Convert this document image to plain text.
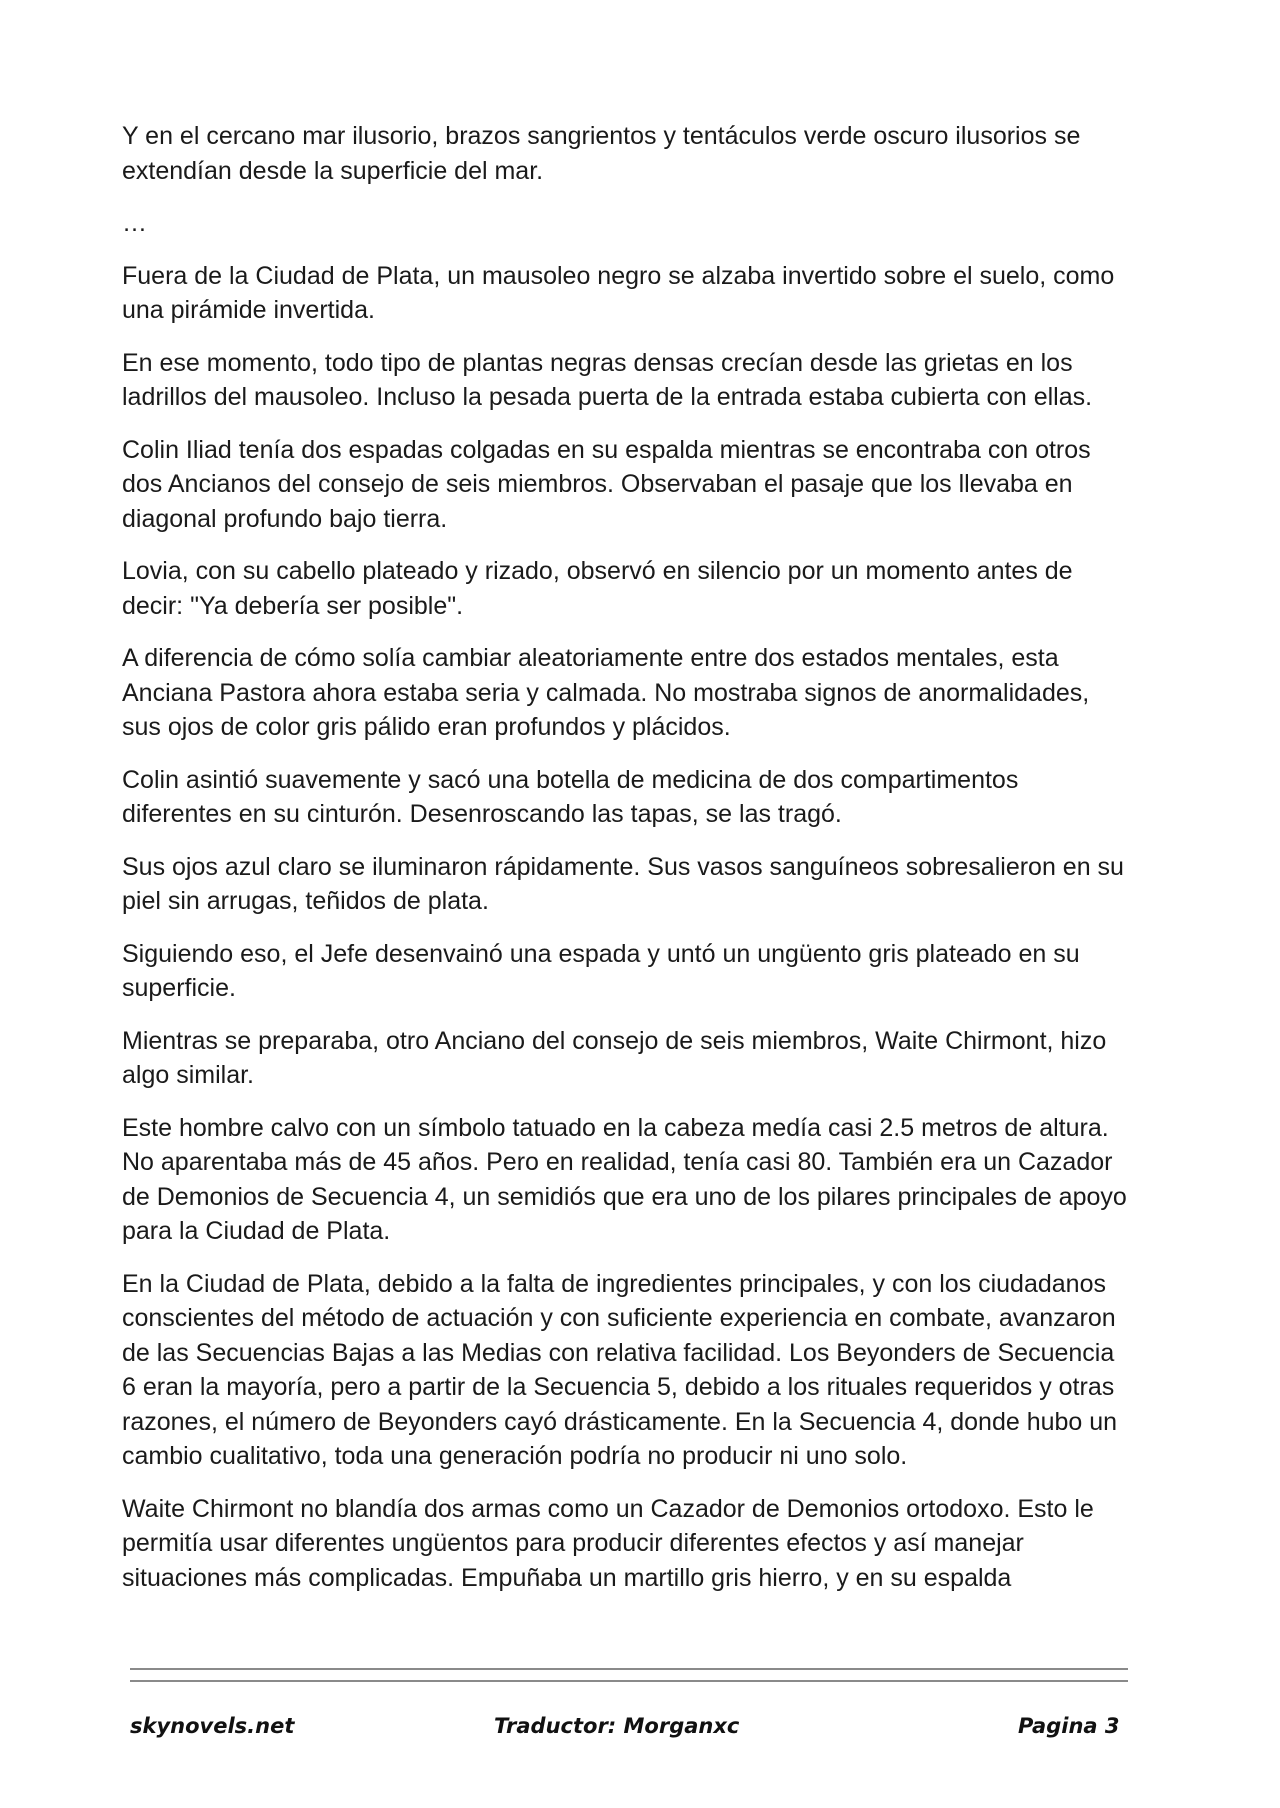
Y en el cercano mar ilusorio, brazos sangrientos y tentáculos verde oscuro ilusorios se extendían desde la superficie del mar.

…

Fuera de la Ciudad de Plata, un mausoleo negro se alzaba invertido sobre el suelo, como una pirámide invertida.

En ese momento, todo tipo de plantas negras densas crecían desde las grietas en los ladrillos del mausoleo. Incluso la pesada puerta de la entrada estaba cubierta con ellas.

Colin Iliad tenía dos espadas colgadas en su espalda mientras se encontraba con otros dos Ancianos del consejo de seis miembros. Observaban el pasaje que los llevaba en diagonal profundo bajo tierra.

Lovia, con su cabello plateado y rizado, observó en silencio por un momento antes de decir: "Ya debería ser posible".

A diferencia de cómo solía cambiar aleatoriamente entre dos estados mentales, esta Anciana Pastora ahora estaba seria y calmada. No mostraba signos de anormalidades, sus ojos de color gris pálido eran profundos y plácidos.

Colin asintió suavemente y sacó una botella de medicina de dos compartimentos diferentes en su cinturón. Desenroscando las tapas, se las tragó.

Sus ojos azul claro se iluminaron rápidamente. Sus vasos sanguíneos sobresalieron en su piel sin arrugas, teñidos de plata.

Siguiendo eso, el Jefe desenvainó una espada y untó un ungüento gris plateado en su superficie.

Mientras se preparaba, otro Anciano del consejo de seis miembros, Waite Chirmont, hizo algo similar.

Este hombre calvo con un símbolo tatuado en la cabeza medía casi 2.5 metros de altura. No aparentaba más de 45 años. Pero en realidad, tenía casi 80. También era un Cazador de Demonios de Secuencia 4, un semidiós que era uno de los pilares principales de apoyo para la Ciudad de Plata.

En la Ciudad de Plata, debido a la falta de ingredientes principales, y con los ciudadanos conscientes del método de actuación y con suficiente experiencia en combate, avanzaron de las Secuencias Bajas a las Medias con relativa facilidad. Los Beyonders de Secuencia 6 eran la mayoría, pero a partir de la Secuencia 5, debido a los rituales requeridos y otras razones, el número de Beyonders cayó drásticamente. En la Secuencia 4, donde hubo un cambio cualitativo, toda una generación podría no producir ni uno solo.

Waite Chirmont no blandía dos armas como un Cazador de Demonios ortodoxo. Esto le permitía usar diferentes ungüentos para producir diferentes efectos y así manejar situaciones más complicadas. Empuñaba un martillo gris hierro, y en su espalda

skynovels.net	Traductor: Morganxc	Pagina 3
